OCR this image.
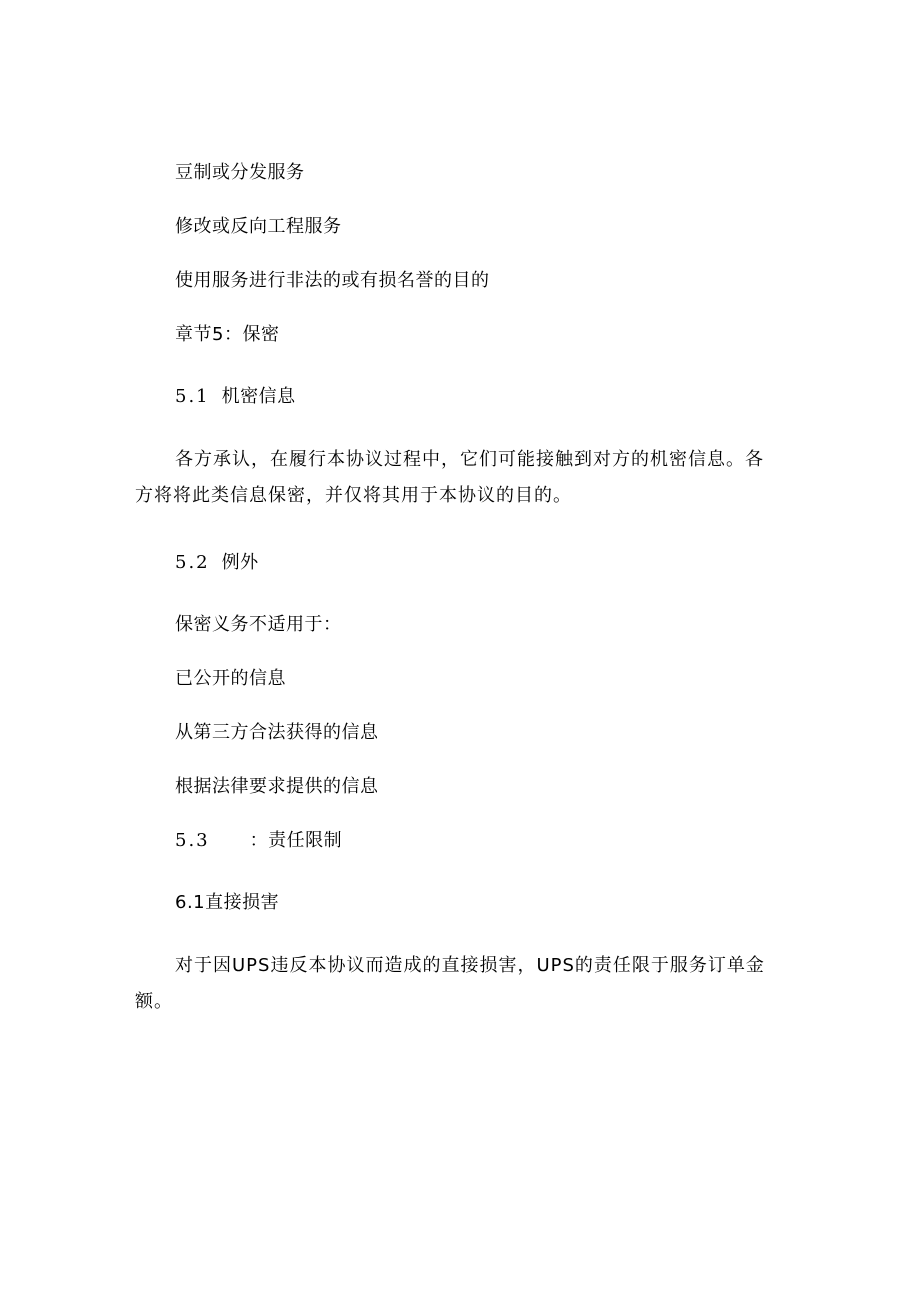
豆制或分发服务
修改或反向工程服务
使用服务进行非法的或有损名誉的目的
章节5：保密
5.1 机密信息
各方承认，在履行本协议过程中，它们可能接触到对方的机密信息。各方将将此类信息保密，并仅将其用于本协议的目的。
5.2 例外
保密义务不适用于：
已公开的信息
从第三方合法获得的信息
根据法律要求提供的信息
5.3 ：责任限制
6.1直接损害
对于因UPS违反本协议而造成的直接损害，UPS的责任限于服务订单金额。
